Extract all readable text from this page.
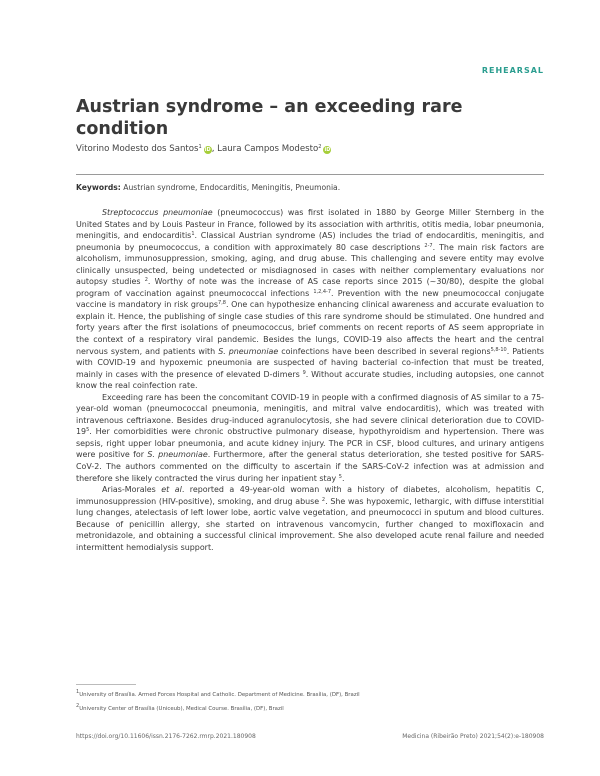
REHEARSAL
Austrian syndrome – an exceeding rare condition
Vitorino Modesto dos Santos$^1$ iD, Laura Campos Modesto$^2$ iD
Keywords: Austrian syndrome, Endocarditis, Meningitis, Pneumonia.

Streptococcus pneumoniae (pneumococcus) was first isolated in 1880 by George Miller Sternberg in the United States and by Louis Pasteur in France, followed by its association with arthritis, otitis media, lobar pneumonia, meningitis, and endocarditis$^1$. Classical Austrian syndrome (AS) includes the triad of endocarditis, meningitis, and pneumonia by pneumococcus, a condition with approximately 80 case descriptions $^{2-7}$. The main risk factors are alcoholism, immunosuppression, smoking, aging, and drug abuse. This challenging and severe entity may evolve clinically unsuspected, being undetected or misdiagnosed in cases with neither complementary evaluations nor autopsy studies $^2$. Worthy of note was the increase of AS case reports since 2015 (~30/80), despite the global program of vaccination against pneumococcal infections $^{1,2,4-7}$. Prevention with the new pneumococcal conjugate vaccine is mandatory in risk groups$^{7,8}$. One can hypothesize enhancing clinical awareness and accurate evaluation to explain it. Hence, the publishing of single case studies of this rare syndrome should be stimulated. One hundred and forty years after the first isolations of pneumococcus, brief comments on recent reports of AS seem appropriate in the context of a respiratory viral pandemic. Besides the lungs, COVID-19 also affects the heart and the central nervous system, and patients with S. pneumoniae coinfections have been described in several regions$^{5,8-10}$. Patients with COVID-19 and hypoxemic pneumonia are suspected of having bacterial co-infection that must be treated, mainly in cases with the presence of elevated D-dimers $^9$. Without accurate studies, including autopsies, one cannot know the real coinfection rate.

Exceeding rare has been the concomitant COVID-19 in people with a confirmed diagnosis of AS similar to a 75-year-old woman (pneumococcal pneumonia, meningitis, and mitral valve endocarditis), which was treated with intravenous ceftriaxone. Besides drug-induced agranulocytosis, she had severe clinical deterioration due to COVID-$19^5$. Her comorbidities were chronic obstructive pulmonary disease, hypothyroidism and hypertension. There was sepsis, right upper lobar pneumonia, and acute kidney injury. The PCR in CSF, blood cultures, and urinary antigens were positive for S. pneumoniae. Furthermore, after the general status deterioration, she tested positive for SARS-CoV-2. The authors commented on the difficulty to ascertain if the SARS-CoV-2 infection was at admission and therefore she likely contracted the virus during her inpatient stay $^5$.

Arias-Morales et al. reported a 49-year-old woman with a history of diabetes, alcoholism, hepatitis C, immunosuppression (HIV-positive), smoking, and drug abuse $^2$. She was hypoxemic, lethargic, with diffuse interstitial lung changes, atelectasis of left lower lobe, aortic valve vegetation, and pneumococci in sputum and blood cultures. Because of penicillin allergy, she started on intravenous vancomycin, further changed to moxifloxacin and metronidazole, and obtaining a successful clinical improvement. She also developed acute renal failure and needed intermittent hemodialysis support.

$^1$University of Brasília. Armed Forces Hospital and Catholic. Department of Medicine. Brasília, (DF), Brazil
$^2$University Center of Brasília (Uniceub), Medical Course. Brasília, (DF), Brazil
https://doi.org/10.11606/issn.2176-7262.rmrp.2021.180908	Medicina (Ribeirão Preto) 2021;54(2):e-180908
